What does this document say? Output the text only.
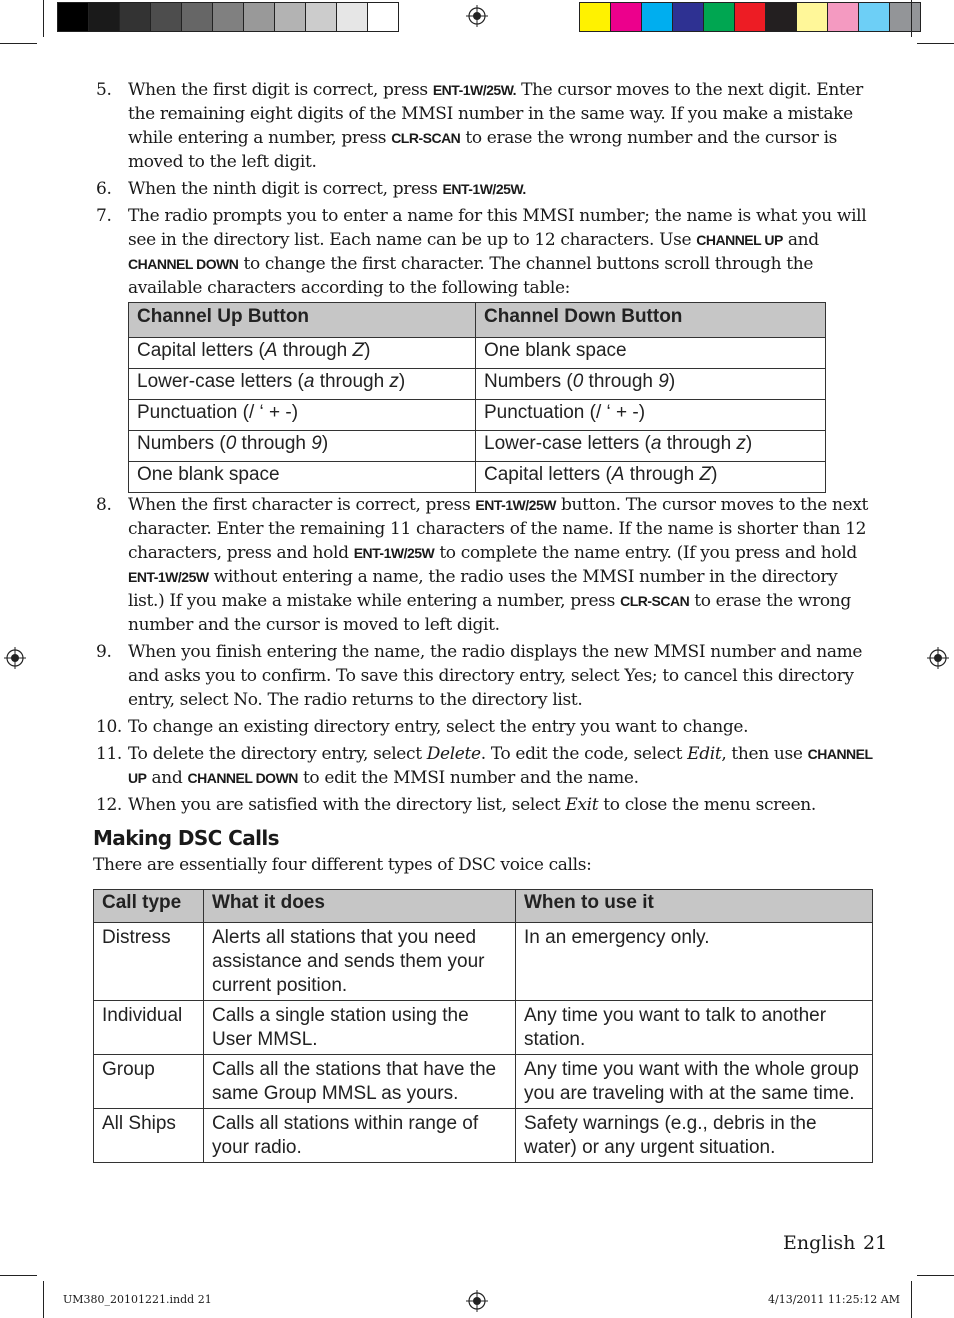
5. When the first digit is correct, press ENT-1W/25W. The cursor moves to the next digit. Enter the remaining eight digits of the MMSI number in the same way. If you make a mistake while entering a number, press CLR-SCAN to erase the wrong number and the cursor is moved to the left digit.
6. When the ninth digit is correct, press ENT-1W/25W.
7. The radio prompts you to enter a name for this MMSI number; the name is what you will see in the directory list. Each name can be up to 12 characters. Use CHANNEL UP and CHANNEL DOWN to change the first character. The channel buttons scroll through the available characters according to the following table:
Channel Up Button	Channel Down Button
Capital letters (A through Z)	One blank space
Lower-case letters (a through z)	Numbers (0 through 9)
Punctuation (/ ‘ + -)	Punctuation (/ ‘ + -)
Numbers (0 through 9)	Lower-case letters (a through z)
One blank space	Capital letters (A through Z)
8. When the first character is correct, press ENT-1W/25W button. The cursor moves to the next character. Enter the remaining 11 characters of the name. If the name is shorter than 12 characters, press and hold ENT-1W/25W to complete the name entry. (If you press and hold ENT-1W/25W without entering a name, the radio uses the MMSI number in the directory list.) If you make a mistake while entering a number, press CLR-SCAN to erase the wrong number and the cursor is moved to left digit.
9. When you finish entering the name, the radio displays the new MMSI number and name and asks you to confirm. To save this directory entry, select Yes; to cancel this directory entry, select No. The radio returns to the directory list.
10. To change an existing directory entry, select the entry you want to change.
11. To delete the directory entry, select Delete. To edit the code, select Edit, then use CHANNEL UP and CHANNEL DOWN to edit the MMSI number and the name.
12. When you are satisfied with the directory list, select Exit to close the menu screen.
Making DSC Calls
There are essentially four different types of DSC voice calls:
Call type	What it does	When to use it
Distress	Alerts all stations that you need assistance and sends them your current position.	In an emergency only.
Individual	Calls a single station using the User MMSL.	Any time you want to talk to another station.
Group	Calls all the stations that have the same Group MMSL as yours.	Any time you want with the whole group you are traveling with at the same time.
All Ships	Calls all stations within range of your radio.	Safety warnings (e.g., debris in the water) or any urgent situation.
English 21
UM380_20101221.indd 21	4/13/2011 11:25:12 AM
